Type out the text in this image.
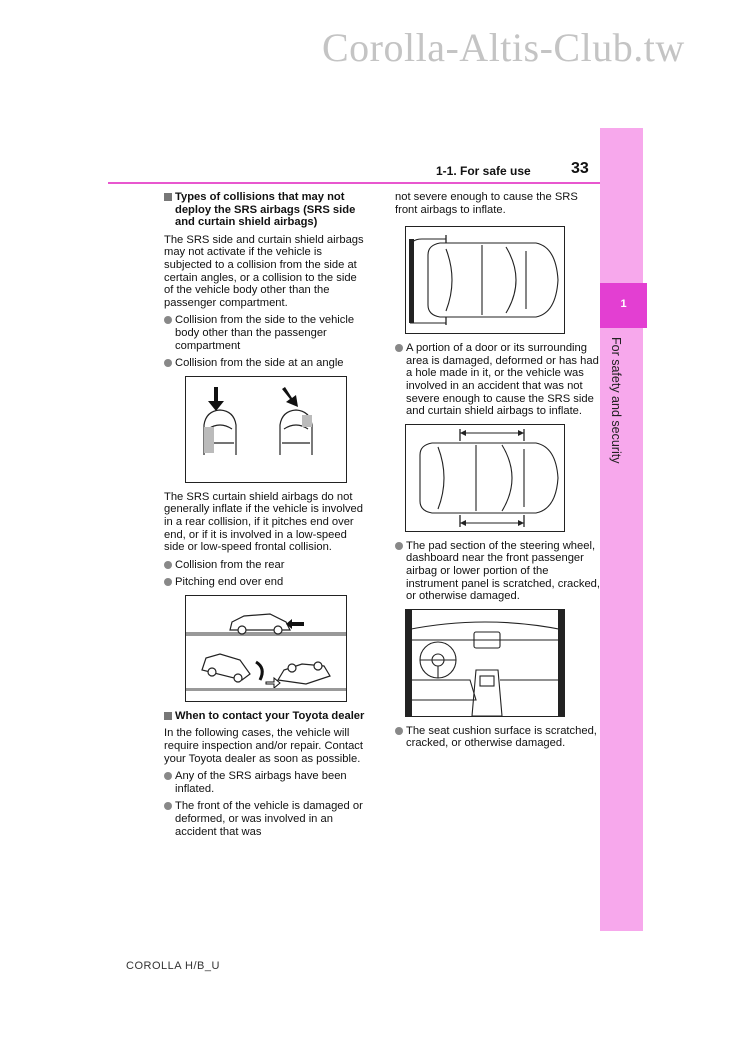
Corolla-Altis-Club.tw
1
For safety and security
1-1. For safe use	33

Types of collisions that may not deploy the SRS airbags (SRS side and curtain shield airbags)

The SRS side and curtain shield airbags may not activate if the vehicle is subjected to a collision from the side at certain angles, or a collision to the side of the vehicle body other than the passenger compartment.

Collision from the side to the vehicle body other than the passenger compartment
Collision from the side at an angle

The SRS curtain shield airbags do not generally inflate if the vehicle is involved in a rear collision, if it pitches end over end, or if it is involved in a low-speed side or low-speed frontal collision.

Collision from the rear
Pitching end over end

When to contact your Toyota dealer

In the following cases, the vehicle will require inspection and/or repair. Contact your Toyota dealer as soon as possible.

Any of the SRS airbags have been inflated.
The front of the vehicle is damaged or deformed, or was involved in an accident that was

not severe enough to cause the SRS front airbags to inflate.

A portion of a door or its surrounding area is damaged, deformed or has had a hole made in it, or the vehicle was involved in an accident that was not severe enough to cause the SRS side and curtain shield airbags to inflate.
The pad section of the steering wheel, dashboard near the front passenger airbag or lower portion of the instrument panel is scratched, cracked, or otherwise damaged.
The seat cushion surface is scratched, cracked, or otherwise damaged.
COROLLA H/B_U
